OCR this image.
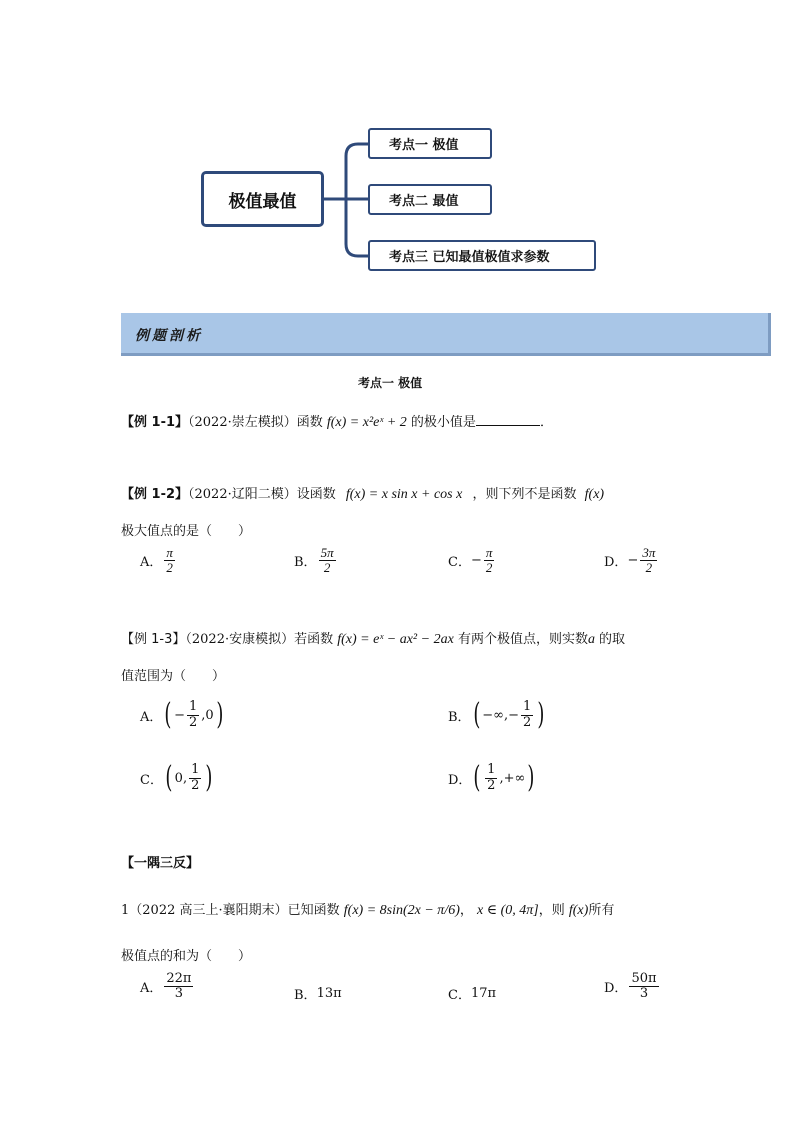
极值最值
考点一 极值
考点二 最值
考点三 已知最值极值求参数
例题剖析
考点一 极值
【例 1-1】（2022·崇左模拟）函数 f(x) = x²eˣ + 2 的极小值是	．
【例 1-2】（2022·辽阳二模）设函数 f(x) = x sin x + cos x ，则下列不是函数 f(x)
极大值点的是（　　）
A． $\frac{\pi}{2}$	B． $\frac{5\pi}{2}$	C． − $\frac{\pi}{2}$	D． − $\frac{3\pi}{2}$
【例 1-3】（2022·安康模拟）若函数 f(x) = eˣ − ax² − 2ax 有两个极值点，则实数a 的取
值范围为（　　）
A． ( − $\frac{1}{2} ,0$ )	B． ( −∞,− $\frac{1}{2}$ )
C． ( 0, $\frac{1}{2}$ )	D． ( $\frac{1}{2}$ ,+∞ )
【一隅三反】
1（2022 高三上·襄阳期末）已知函数 f(x) = 8sin(2x − π/6)， x ∈ (0, 4π]，则 f(x)所有
极值点的和为（　　）
A． $\frac{22\pi}{3}$	B． 13π	C． 17π	D． $\frac{50\pi}{3}$
